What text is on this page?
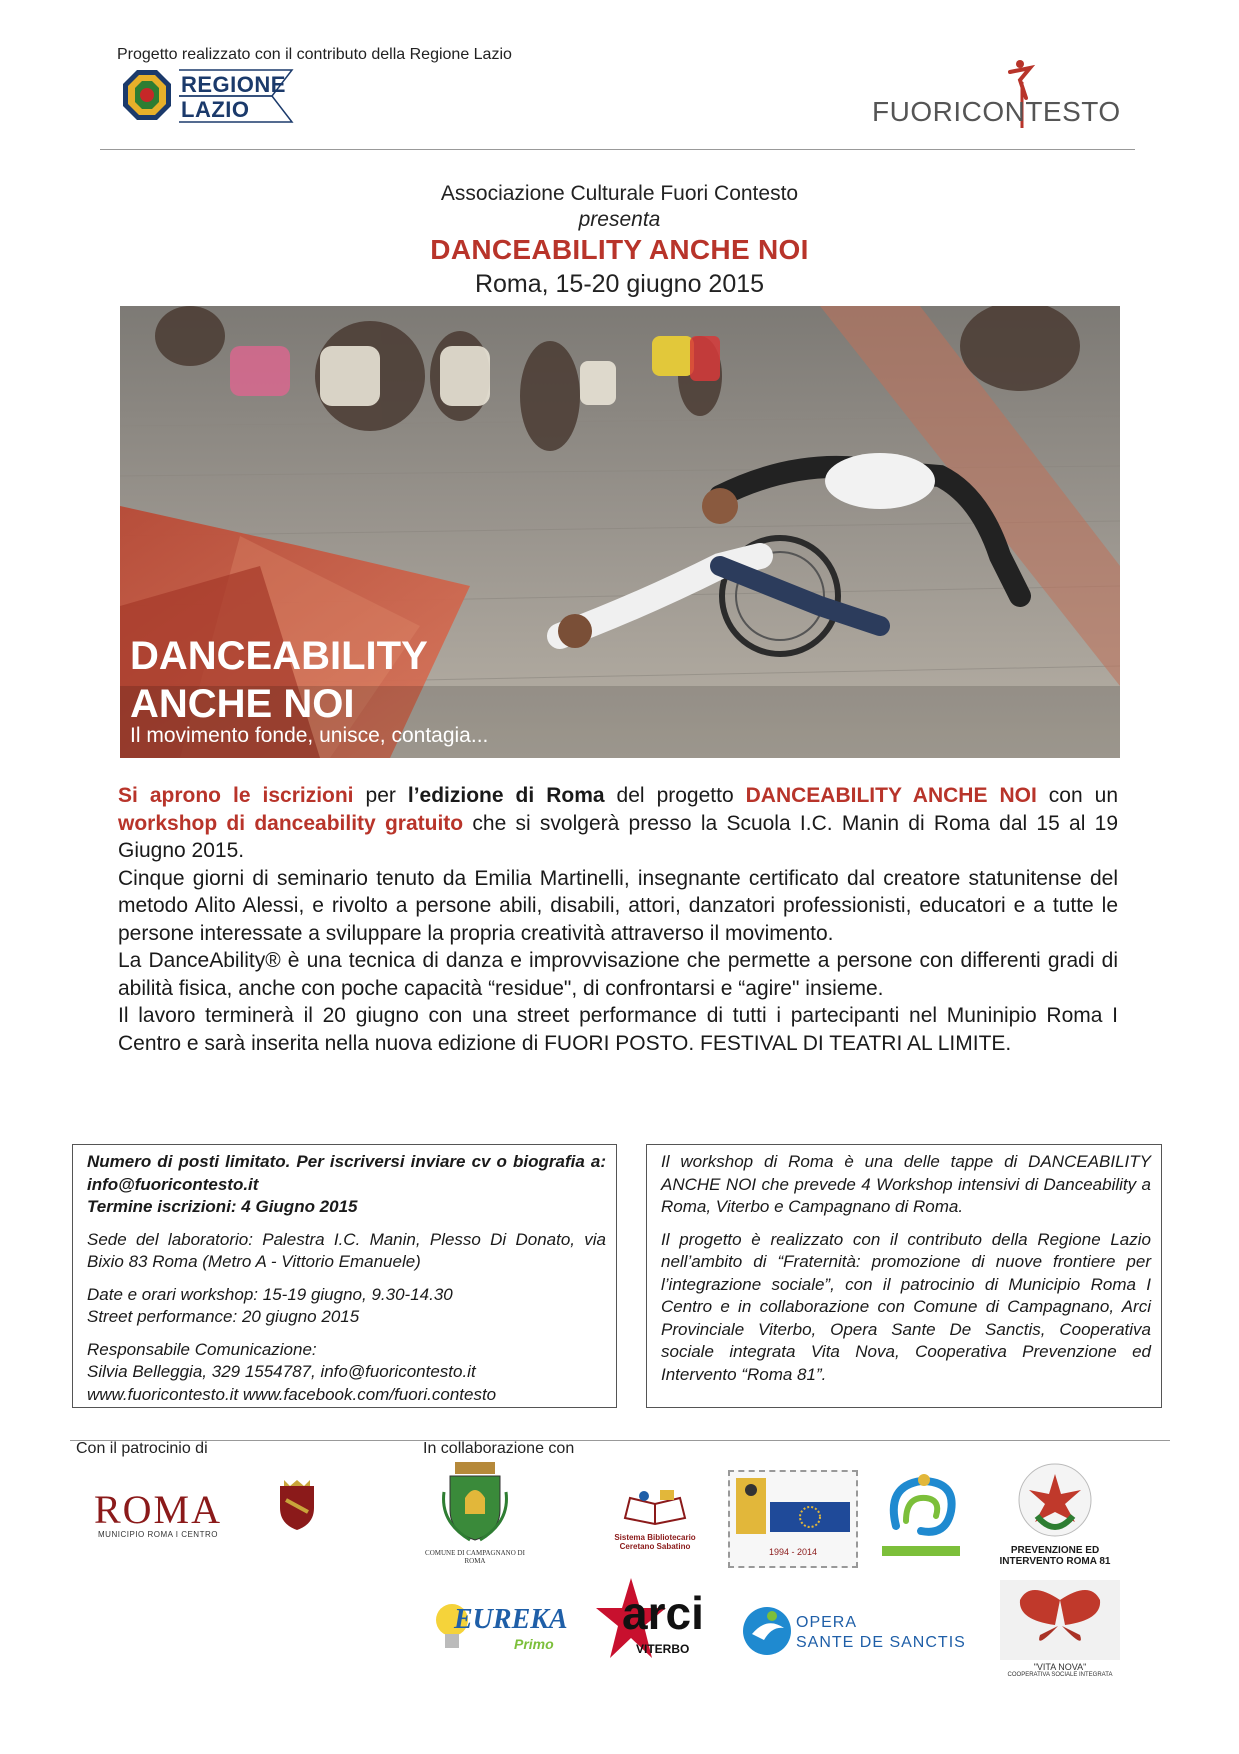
Progetto realizzato con il contributo della Regione Lazio
REGIONE
LAZIO	FUORICONTESTO
Associazione Culturale Fuori Contesto
presenta
DANCEABILITY ANCHE NOI
Roma, 15-20 giugno 2015
DANCEABILITY
ANCHE NOI
Il movimento fonde, unisce, contagia...

Si aprono le iscrizioni per l’edizione di Roma del progetto DANCEABILITY ANCHE NOI con un workshop di danceability gratuito che si svolgerà presso la Scuola I.C. Manin di Roma dal 15 al 19 Giugno 2015.

Cinque giorni di seminario tenuto da Emilia Martinelli, insegnante certificato dal creatore statunitense del metodo Alito Alessi, e rivolto a persone abili, disabili, attori, danzatori professionisti, educatori e a tutte le persone interessate a sviluppare la propria creatività attraverso il movimento.

La DanceAbility® è una tecnica di danza e improvvisazione che permette a persone con differenti gradi di abilità fisica, anche con poche capacità “residue", di confrontarsi e “agire" insieme.

Il lavoro terminerà il 20 giugno con una street performance di tutti i partecipanti nel Muninipio Roma I Centro e sarà inserita nella nuova edizione di FUORI POSTO. FESTIVAL DI TEATRI AL LIMITE.

Numero di posti limitato. Per iscriversi inviare cv o biografia a: info@fuoricontesto.it
Termine iscrizioni: 4 Giugno 2015

Sede del laboratorio: Palestra I.C. Manin, Plesso Di Donato, via Bixio 83 Roma (Metro A - Vittorio Emanuele)

Date e orari workshop: 15-19 giugno, 9.30-14.30
Street performance: 20 giugno 2015

Responsabile Comunicazione:
Silvia Belleggia, 329 1554787, info@fuoricontesto.it
www.fuoricontesto.it www.facebook.com/fuori.contesto

Il workshop di Roma è una delle tappe di DANCEABILITY ANCHE NOI che prevede 4 Workshop intensivi di Danceability a Roma, Viterbo e Campagnano di Roma.

Il progetto è realizzato con il contributo della Regione Lazio nell’ambito di “Fraternità: promozione di nuove frontiere per l’integrazione sociale”, con il patrocinio di Municipio Roma I Centro e in collaborazione con Comune di Campagnano, Arci Provinciale Viterbo, Opera Sante De Sanctis, Cooperativa sociale integrata Vita Nova, Cooperativa Prevenzione ed Intervento “Roma 81”.

Con il patrocinio di	In collaborazione con
ROMA
MUNICIPIO ROMA I CENTRO
COMUNE DI CAMPAGNANO DI ROMA
Sistema Bibliotecario
Ceretano Sabatino
1994 - 2014	PREVENZIONE ED
INTERVENTO ROMA 81
EUREKA
Primo
arci
VITERBO
OPERA
SANTE DE SANCTIS
"VITA NOVA"
COOPERATIVA SOCIALE INTEGRATA
